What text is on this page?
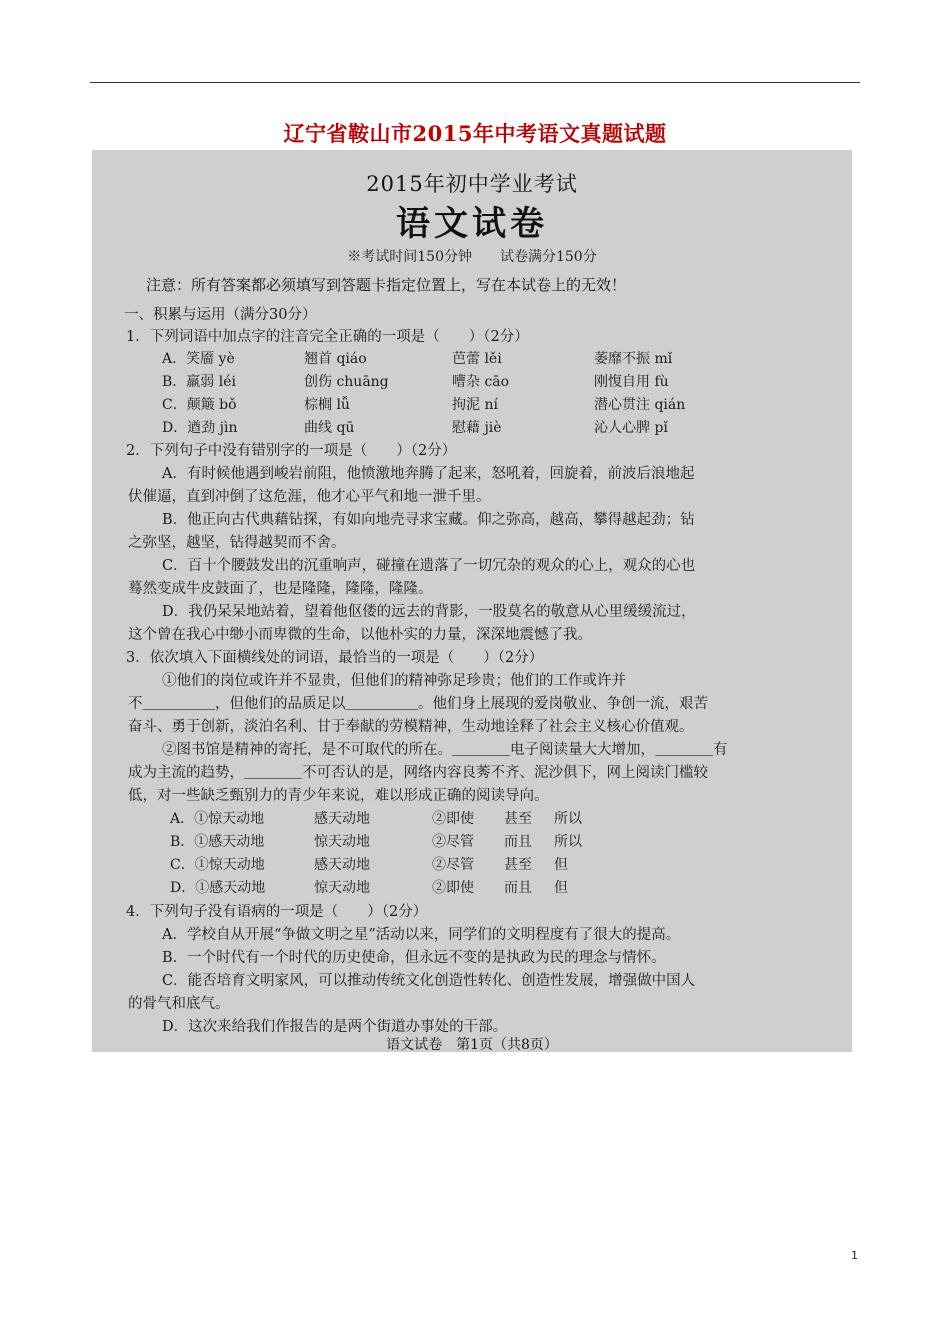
辽宁省鞍山市2015年中考语文真题试题
2015年初中学业考试
语文试卷
※考试时间150分钟　　试卷满分150分
注意：所有答案都必须填写到答题卡指定位置上，写在本试卷上的无效！
一、积累与运用（满分30分）
1．下列词语中加点字的注音完全正确的一项是（　　）（2分）
A．笑靥 yè	翘首 qiáo	芭蕾 lěi	萎靡不振 mǐ
B．羸弱 léi	创伤 chuāng	嘈杂 cāo	刚愎自用 fù
C．颠簸 bǒ	棕榈 lǚ	拘泥 ní	潜心贯注 qián
D．遒劲 jìn	曲线 qū	慰藉 jiè	沁人心脾 pǐ
2．下列句子中没有错别字的一项是（　　）（2分）
A．有时候他遇到峻岩前阻，他愤激地奔腾了起来，怒吼着，回旋着，前波后浪地起
伏催逼，直到冲倒了这危涯，他才心平气和地一泄千里。
B．他正向古代典藉钻探，有如向地壳寻求宝藏。仰之弥高，越高，攀得越起劲；钻
之弥坚，越坚，钻得越契而不舍。
C．百十个腰鼓发出的沉重响声，碰撞在遗落了一切冗杂的观众的心上，观众的心也
蓦然变成牛皮鼓面了，也是隆隆，隆隆，隆隆。
D．我仍呆呆地站着，望着他伛偻的远去的背影，一股莫名的敬意从心里缓缓流过，
这个曾在我心中缈小而卑微的生命，以他朴实的力量，深深地震憾了我。
3．依次填入下面横线处的词语，最恰当的一项是（　　）（2分）
①他们的岗位或许并不显贵，但他们的精神弥足珍贵；他们的工作或许并
不＿＿＿＿＿，但他们的品质足以＿＿＿＿＿。他们身上展现的爱岗敬业、争创一流，艰苦
奋斗、勇于创新，淡泊名利、甘于奉献的劳模精神，生动地诠释了社会主义核心价值观。
②图书馆是精神的寄托，是不可取代的所在。＿＿＿＿电子阅读量大大增加，＿＿＿＿有
成为主流的趋势，＿＿＿＿不可否认的是，网络内容良莠不齐、泥沙俱下，网上阅读门槛较
低，对一些缺乏甄别力的青少年来说，难以形成正确的阅读导向。
A．①惊天动地	感天动地	②即使 甚至 所以
B．①感天动地	惊天动地	②尽管 而且 所以
C．①惊天动地	感天动地	②尽管 甚至 但
D．①感天动地	惊天动地	②即使 而且 但
4．下列句子没有语病的一项是（　　）（2分）
A．学校自从开展“争做文明之星”活动以来，同学们的文明程度有了很大的提高。
B．一个时代有一个时代的历史使命，但永远不变的是执政为民的理念与情怀。
C．能否培育文明家风，可以推动传统文化创造性转化、创造性发展，增强做中国人
的骨气和底气。
D．这次来给我们作报告的是两个街道办事处的干部。
语文试卷　第1页（共8页）
1
